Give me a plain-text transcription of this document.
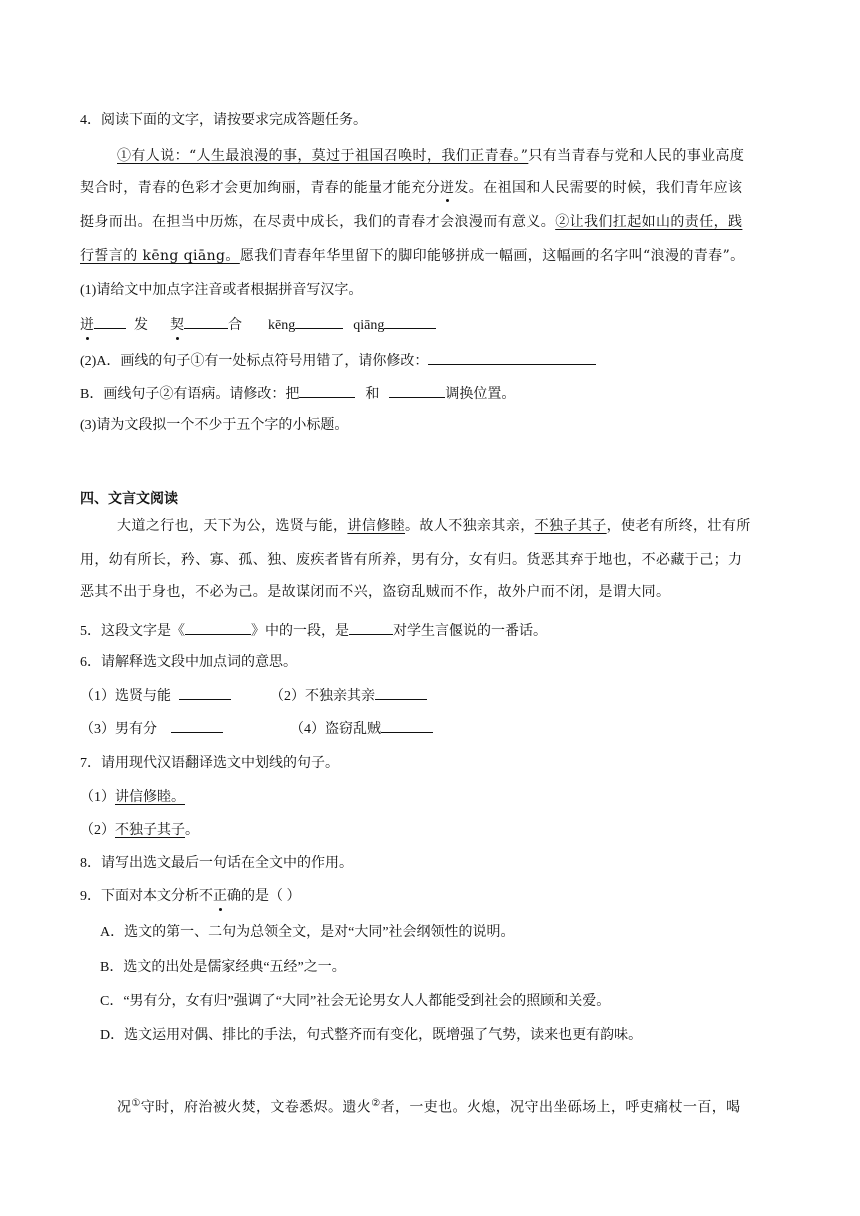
4．阅读下面的文字，请按要求完成答题任务。
①有人说：“人生最浪漫的事，莫过于祖国召唤时，我们正青春。”只有当青春与党和人民的事业高度
契合时，青春的色彩才会更加绚丽，青春的能量才能充分迸发。在祖国和人民需要的时候，我们青年应该
挺身而出。在担当中历炼，在尽责中成长，我们的青春才会浪漫而有意义。②让我们扛起如山的责任，践
行誓言的 kēng qiāng。愿我们青春年华里留下的脚印能够拼成一幅画，这幅画的名字叫“浪漫的青春”。
(1)请给文中加点字注音或者根据拼音写汉字。
迸	发 契	合 kēng	qiāng
(2)A．画线的句子①有一处标点符号用错了，请你修改：
B．画线句子②有语病。请修改：把	和	调换位置。
(3)请为文段拟一个不少于五个字的小标题。
四、文言文阅读
大道之行也，天下为公，选贤与能，讲信修睦。故人不独亲其亲，不独子其子，使老有所终，壮有所
用，幼有所长，矜、寡、孤、独、废疾者皆有所养，男有分，女有归。货恶其弃于地也，不必藏于己；力
恶其不出于身也，不必为己。是故谋闭而不兴，盗窃乱贼而不作，故外户而不闭，是谓大同。
5．这段文字是《	》中的一段，是	对学生言偃说的一番话。
6．请解释选文段中加点词的意思。
（1）选贤与能	（2）不独亲其亲
（3）男有分	（4）盗窃乱贼
7．请用现代汉语翻译选文中划线的句子。
（1）讲信修睦。
（2）不独子其子。
8．请写出选文最后一句话在全文中的作用。
9．下面对本文分析不正确的是（ ）
A．选文的第一、二句为总领全文，是对“大同”社会纲领性的说明。
B．选文的出处是儒家经典“五经”之一。
C．“男有分，女有归”强调了“大同”社会无论男女人人都能受到社会的照顾和关爱。
D．选文运用对偶、排比的手法，句式整齐而有变化，既增强了气势，读来也更有韵味。
况①守时，府治被火焚，文卷悉烬。遗火②者，一吏也。火熄，况守出坐砾场上，呼吏痛杖一百，喝
